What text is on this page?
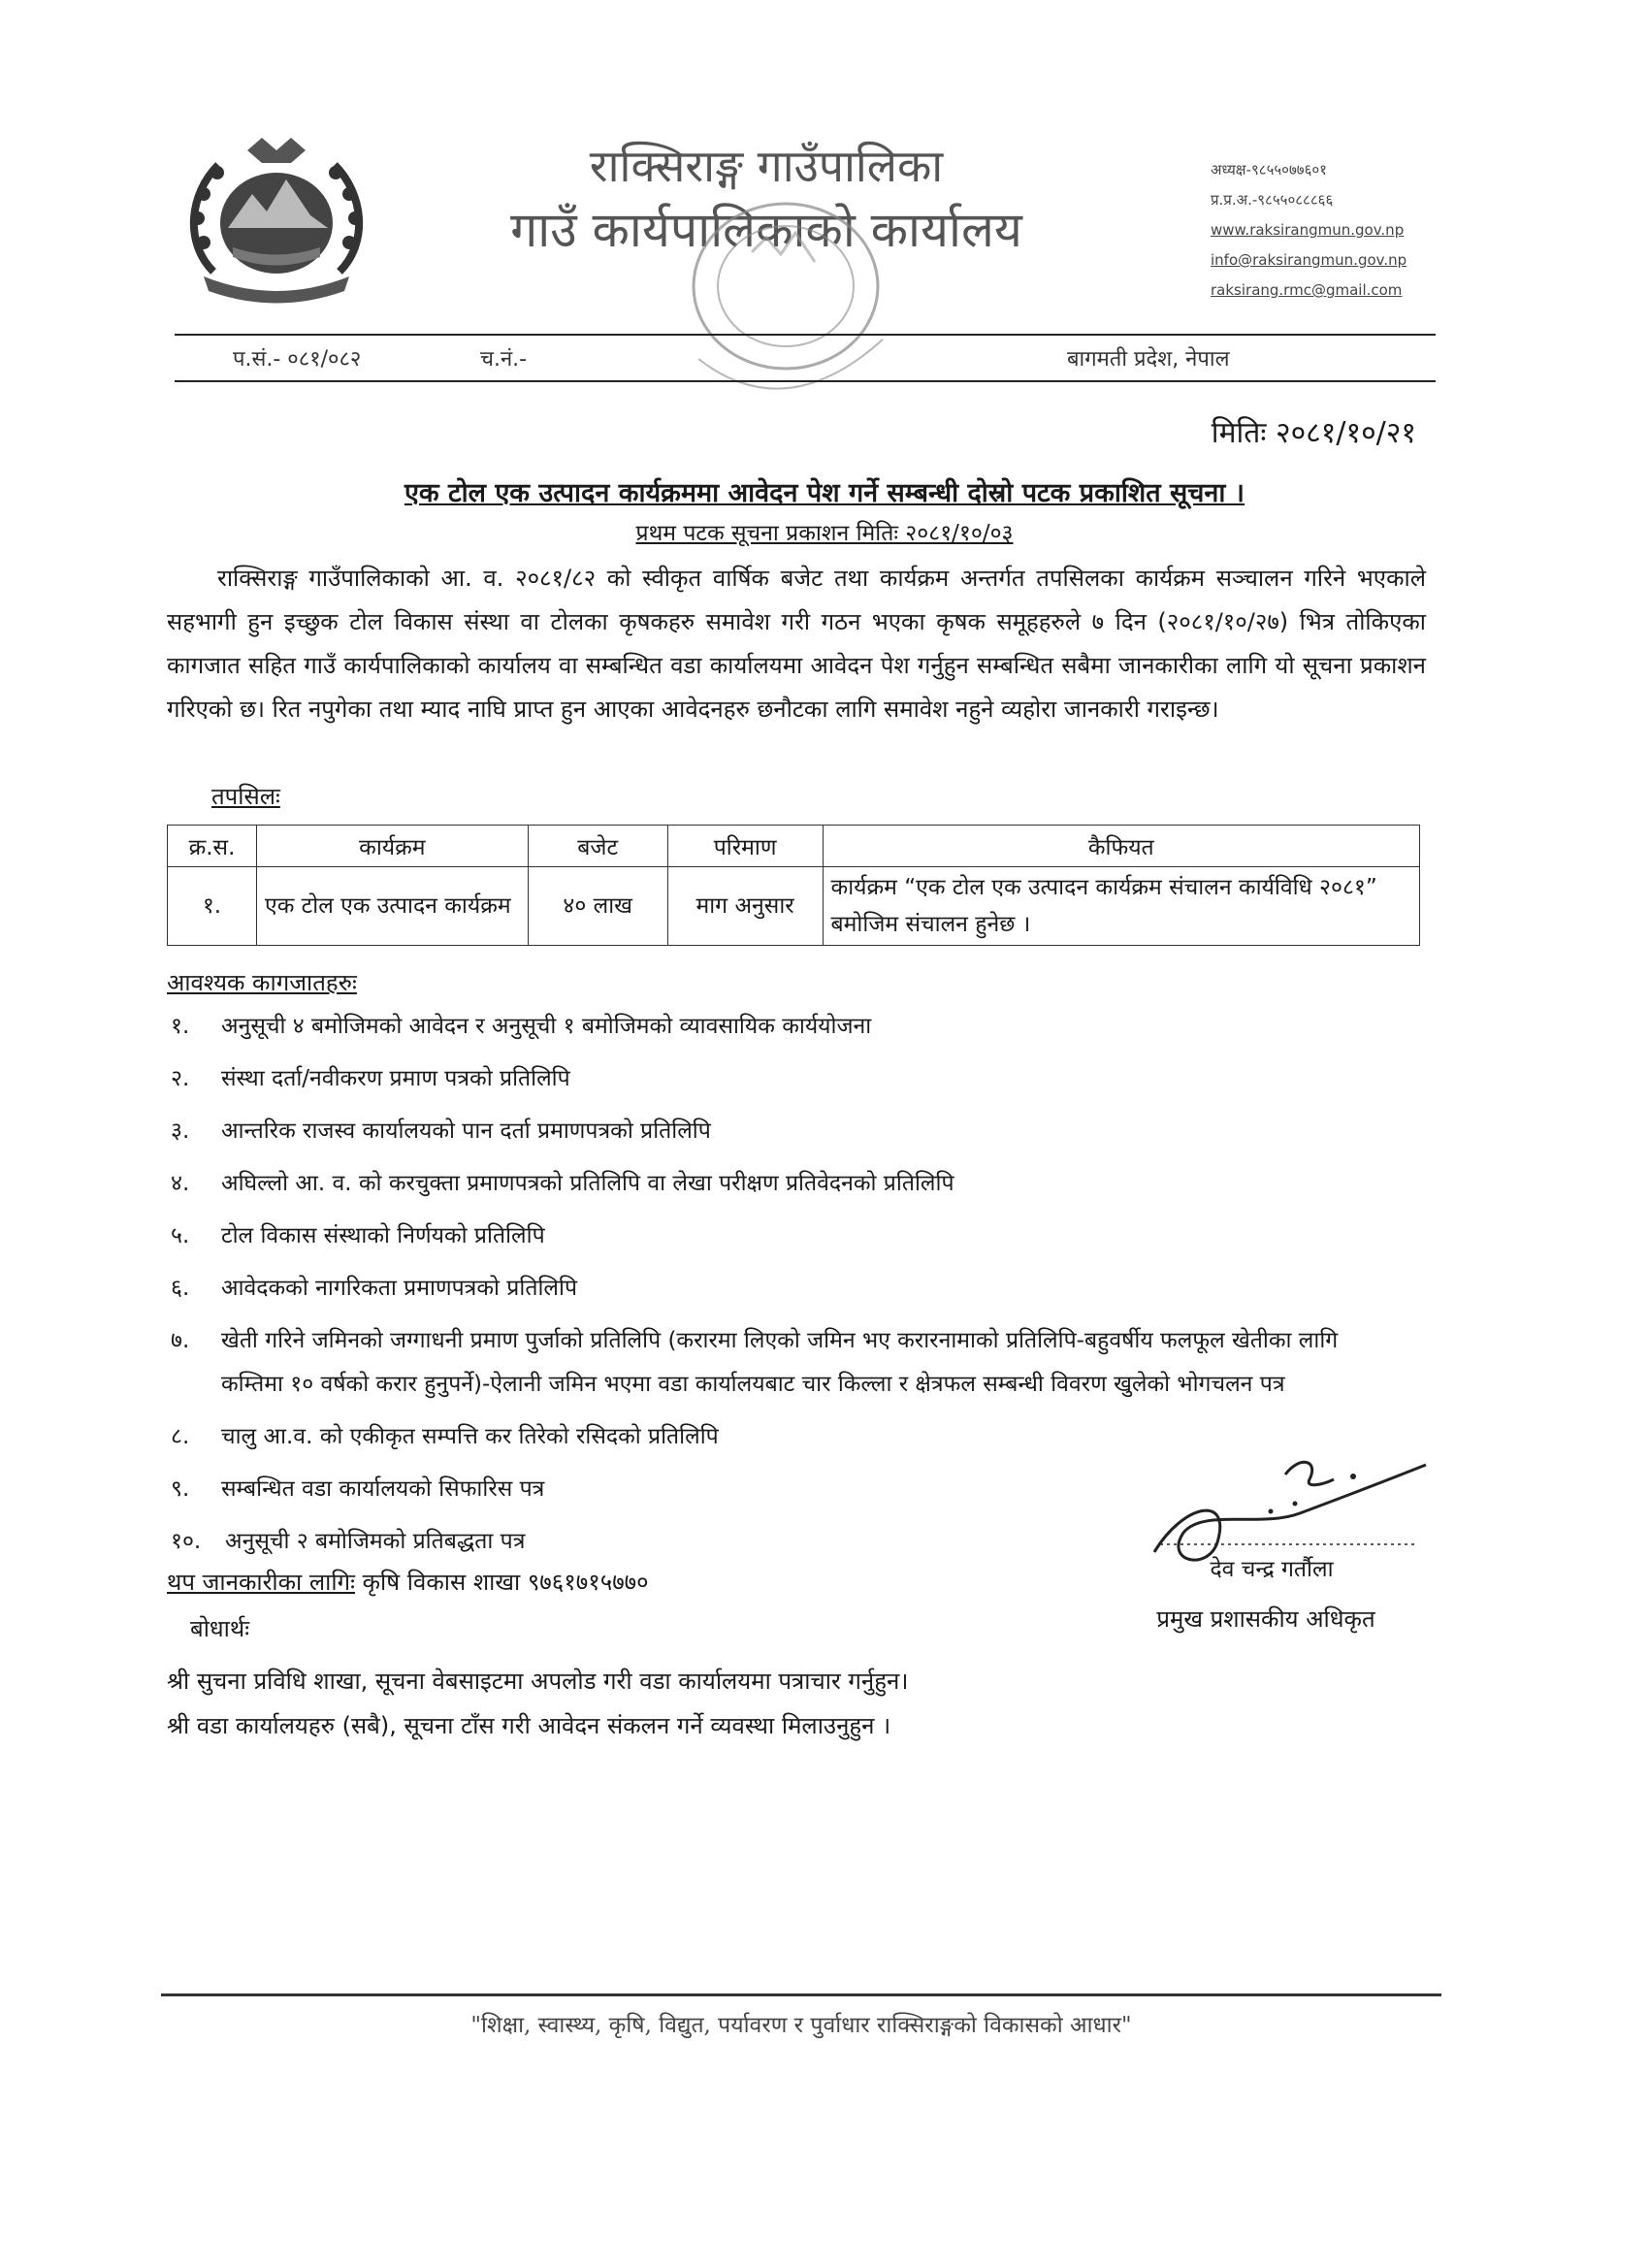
राक्सिराङ्ग गाउँपालिका
गाउँ कार्यपालिकाको कार्यालय
अध्यक्ष-९८५५०७७६०१
प्र.प्र.अ.-९८५५०८८८६६
www.raksirangmun.gov.np
info@raksirangmun.gov.np
raksirang.rmc@gmail.com
प.सं.- ०८१/०८२	च.नं.-	बागमती प्रदेश, नेपाल
मितिः २०८१/१०/२१
एक टोल एक उत्पादन कार्यक्रममा आवेदन पेश गर्ने सम्बन्धी दोस्रो पटक प्रकाशित सूचना ।
प्रथम पटक सूचना प्रकाशन मितिः २०८१/१०/०३
राक्सिराङ्ग गाउँपालिकाको आ. व. २०८१/८२ को स्वीकृत वार्षिक बजेट तथा कार्यक्रम अन्तर्गत तपसिलका कार्यक्रम सञ्चालन गरिने भएकाले सहभागी हुन इच्छुक टोल विकास संस्था वा टोलका कृषकहरु समावेश गरी गठन भएका कृषक समूहहरुले ७ दिन (२०८१/१०/२७) भित्र तोकिएका कागजात सहित गाउँ कार्यपालिकाको कार्यालय वा सम्बन्धित वडा कार्यालयमा आवेदन पेश गर्नुहुन सम्बन्धित सबैमा जानकारीका लागि यो सूचना प्रकाशन गरिएको छ। रित नपुगेका तथा म्याद नाघि प्राप्त हुन आएका आवेदनहरु छनौटका लागि समावेश नहुने व्यहोरा जानकारी गराइन्छ।
तपसिलः
क्र.स.	कार्यक्रम	बजेट	परिमाण	कैफियत
१.	एक टोल एक उत्पादन कार्यक्रम	४० लाख	माग अनुसार	कार्यक्रम “एक टोल एक उत्पादन कार्यक्रम संचालन कार्यविधि २०८१” बमोजिम संचालन हुनेछ ।
आवश्यक कागजातहरुः
१.	अनुसूची ४ बमोजिमको आवेदन र अनुसूची १ बमोजिमको व्यावसायिक कार्ययोजना
२.	संस्था दर्ता/नवीकरण प्रमाण पत्रको प्रतिलिपि
३.	आन्तरिक राजस्व कार्यालयको पान दर्ता प्रमाणपत्रको प्रतिलिपि
४.	अघिल्लो आ. व. को करचुक्ता प्रमाणपत्रको प्रतिलिपि वा लेखा परीक्षण प्रतिवेदनको प्रतिलिपि
५.	टोल विकास संस्थाको निर्णयको प्रतिलिपि
६.	आवेदकको नागरिकता प्रमाणपत्रको प्रतिलिपि
७.	खेती गरिने जमिनको जग्गाधनी प्रमाण पुर्जाको प्रतिलिपि (करारमा लिएको जमिन भए करारनामाको प्रतिलिपि-बहुवर्षीय फलफूल खेतीका लागि कम्तिमा १० वर्षको करार हुनुपर्ने)-ऐलानी जमिन भएमा वडा कार्यालयबाट चार किल्ला र क्षेत्रफल सम्बन्धी विवरण खुलेको भोगचलन पत्र
८.	चालु आ.व. को एकीकृत सम्पत्ति कर तिरेको रसिदको प्रतिलिपि
९.	सम्बन्धित वडा कार्यालयको सिफारिस पत्र
१०.	अनुसूची २ बमोजिमको प्रतिबद्धता पत्र
थप जानकारीका लागिः कृषि विकास शाखा ९७६१७१५७७०	देव चन्द्र गर्तौला
प्रमुख प्रशासकीय अधिकृत
बोधार्थः
श्री सुचना प्रविधि शाखा, सूचना वेबसाइटमा अपलोड गरी वडा कार्यालयमा पत्राचार गर्नुहुन।
श्री वडा कार्यालयहरु (सबै), सूचना टाँस गरी आवेदन संकलन गर्ने व्यवस्था मिलाउनुहुन ।
"शिक्षा, स्वास्थ्य, कृषि, विद्युत, पर्यावरण र पुर्वाधार राक्सिराङ्गको विकासको आधार"
